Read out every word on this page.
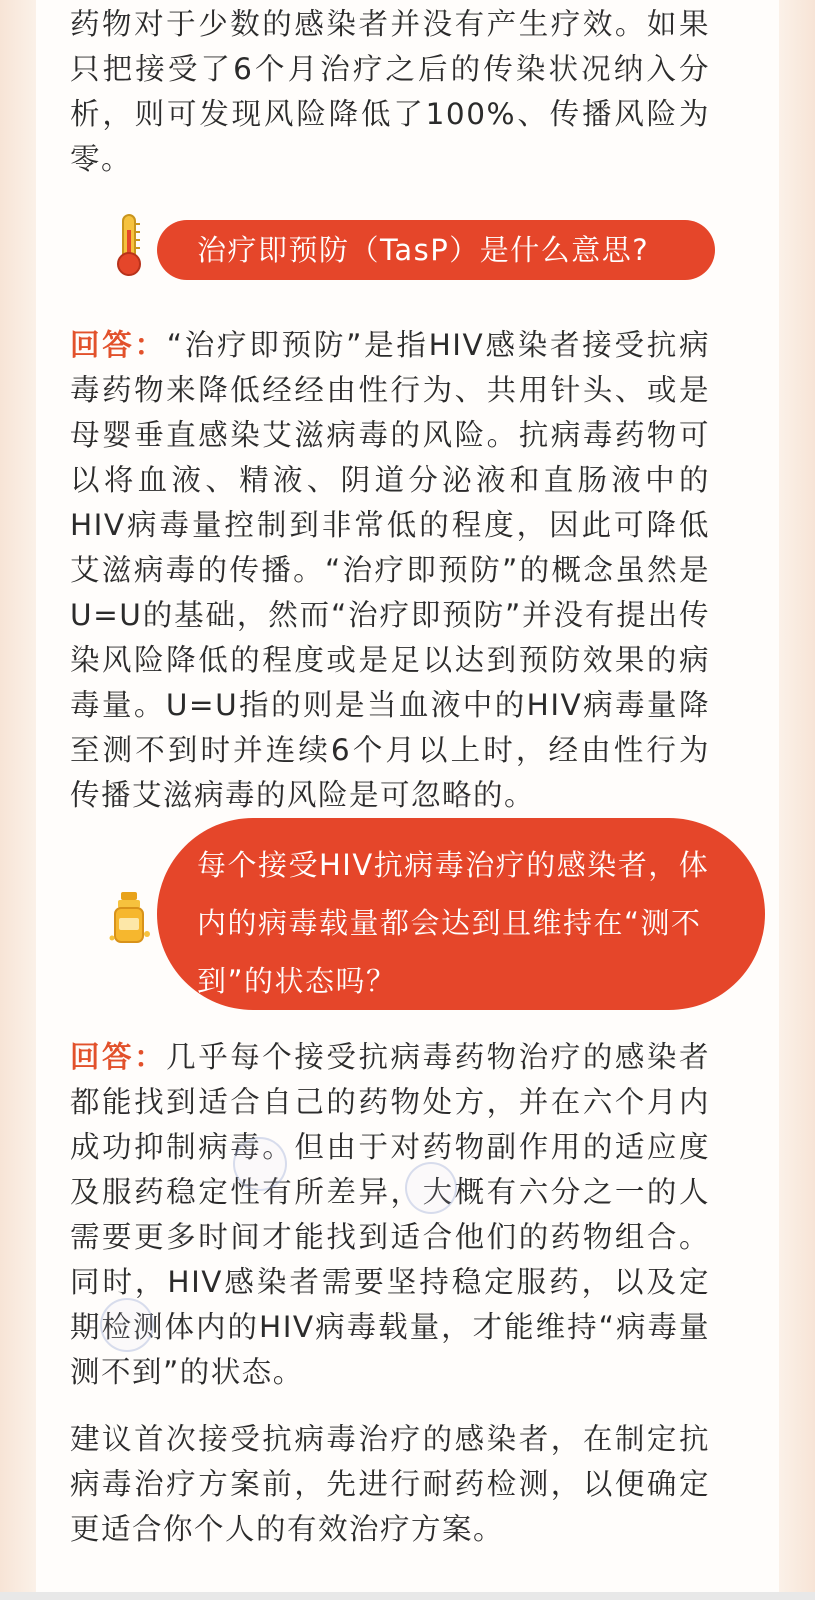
药物对于少数的感染者并没有产生疗效。如果只把接受了6个月治疗之后的传染状况纳入分析，则可发现风险降低了100%、传播风险为零。

治疗即预防（TasP）是什么意思?

回答：“治疗即预防”是指HIV感染者接受抗病毒药物来降低经经由性行为、共用针头、或是母婴垂直感染艾滋病毒的风险。抗病毒药物可以将血液、精液、阴道分泌液和直肠液中的HIV病毒量控制到非常低的程度，因此可降低艾滋病毒的传播。“治疗即预防”的概念虽然是U=U的基础，然而“治疗即预防”并没有提出传染风险降低的程度或是足以达到预防效果的病毒量。U=U指的则是当血液中的HIV病毒量降至测不到时并连续6个月以上时，经由性行为传播艾滋病毒的风险是可忽略的。

每个接受HIV抗病毒治疗的感染者，体内的病毒载量都会达到且维持在“测不到”的状态吗？

回答：几乎每个接受抗病毒药物治疗的感染者都能找到适合自己的药物处方，并在六个月内成功抑制病毒。但由于对药物副作用的适应度及服药稳定性有所差异，大概有六分之一的人需要更多时间才能找到适合他们的药物组合。同时，HIV感染者需要坚持稳定服药，以及定期检测体内的HIV病毒载量，才能维持“病毒量测不到”的状态。

建议首次接受抗病毒治疗的感染者，在制定抗病毒治疗方案前，先进行耐药检测，以便确定更适合你个人的有效治疗方案。
